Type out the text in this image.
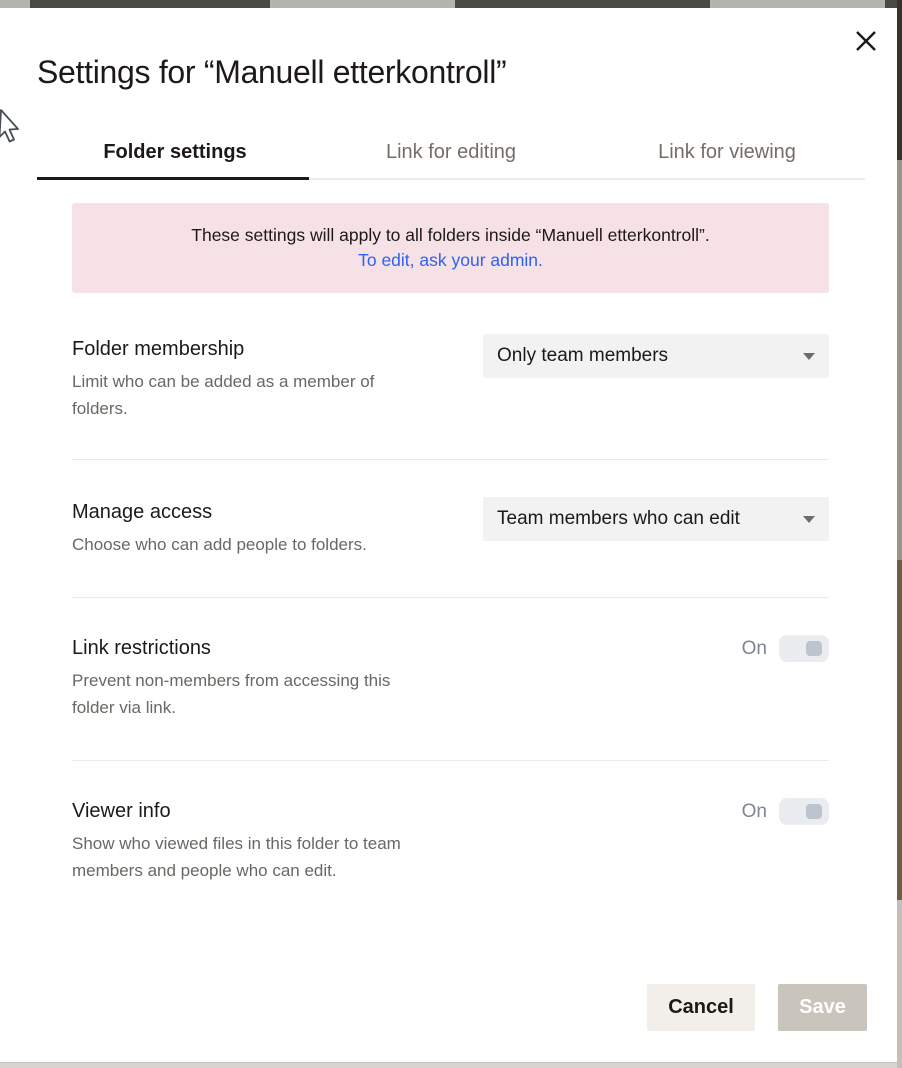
Settings for “Manuell etterkontroll”
Folder settings	Link for editing	Link for viewing
These settings will apply to all folders inside “Manuell etterkontroll”.
To edit, ask your admin.
Folder membership
Limit who can be added as a member of folders.
Only team members
Manage access
Choose who can add people to folders.
Team members who can edit
Link restrictions
Prevent non-members from accessing this folder via link.
On
Viewer info
Show who viewed files in this folder to team members and people who can edit.
On
Cancel	Save
